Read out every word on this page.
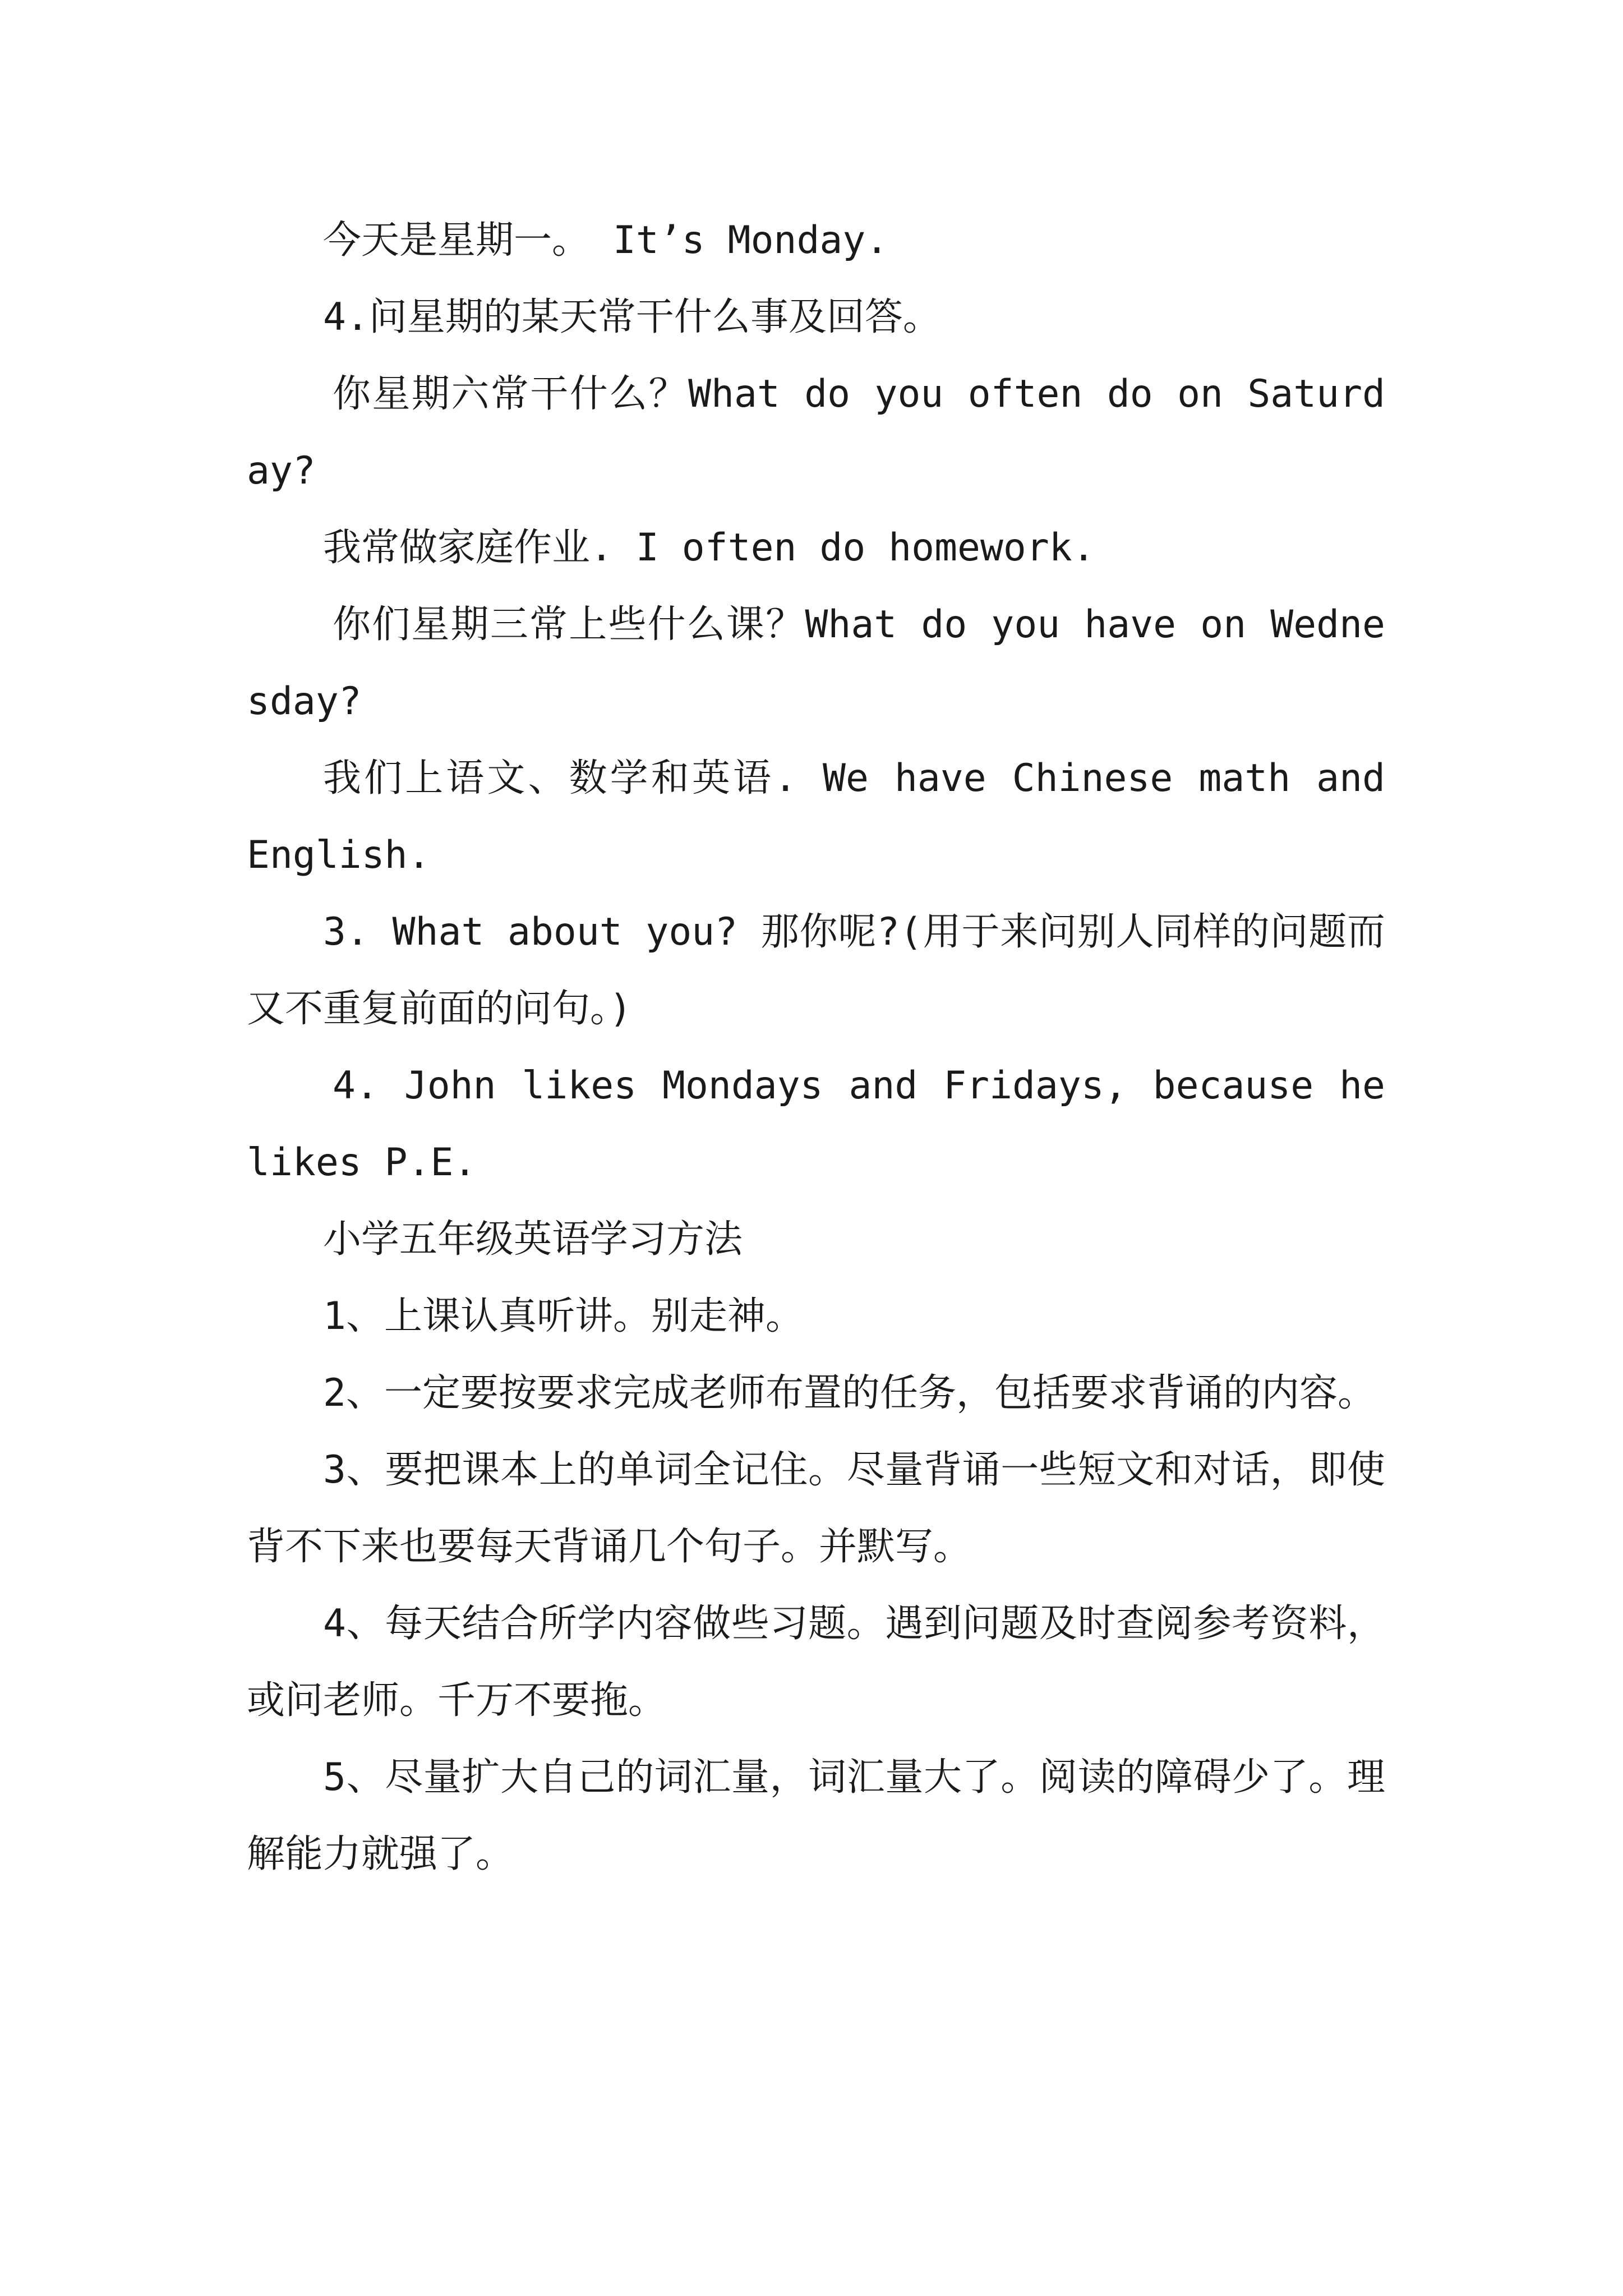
今天是星期一。 It’s Monday.

4.问星期的某天常干什么事及回答。

你星期六常干什么？What do you often do on Saturday?

我常做家庭作业. I often do homework.

你们星期三常上些什么课？What do you have on Wednesday?

我们上语文、数学和英语. We have Chinese math and English.

3. What about you? 那你呢?(用于来问别人同样的问题而又不重复前面的问句。)

4. John likes Mondays and Fridays, because he likes P.E.

小学五年级英语学习方法

1、上课认真听讲。别走神。

2、一定要按要求完成老师布置的任务，包括要求背诵的内容。

3、要把课本上的单词全记住。尽量背诵一些短文和对话，即使背不下来也要每天背诵几个句子。并默写。

4、每天结合所学内容做些习题。遇到问题及时查阅参考资料，或问老师。千万不要拖。

5、尽量扩大自己的词汇量，词汇量大了。阅读的障碍少了。理解能力就强了。
